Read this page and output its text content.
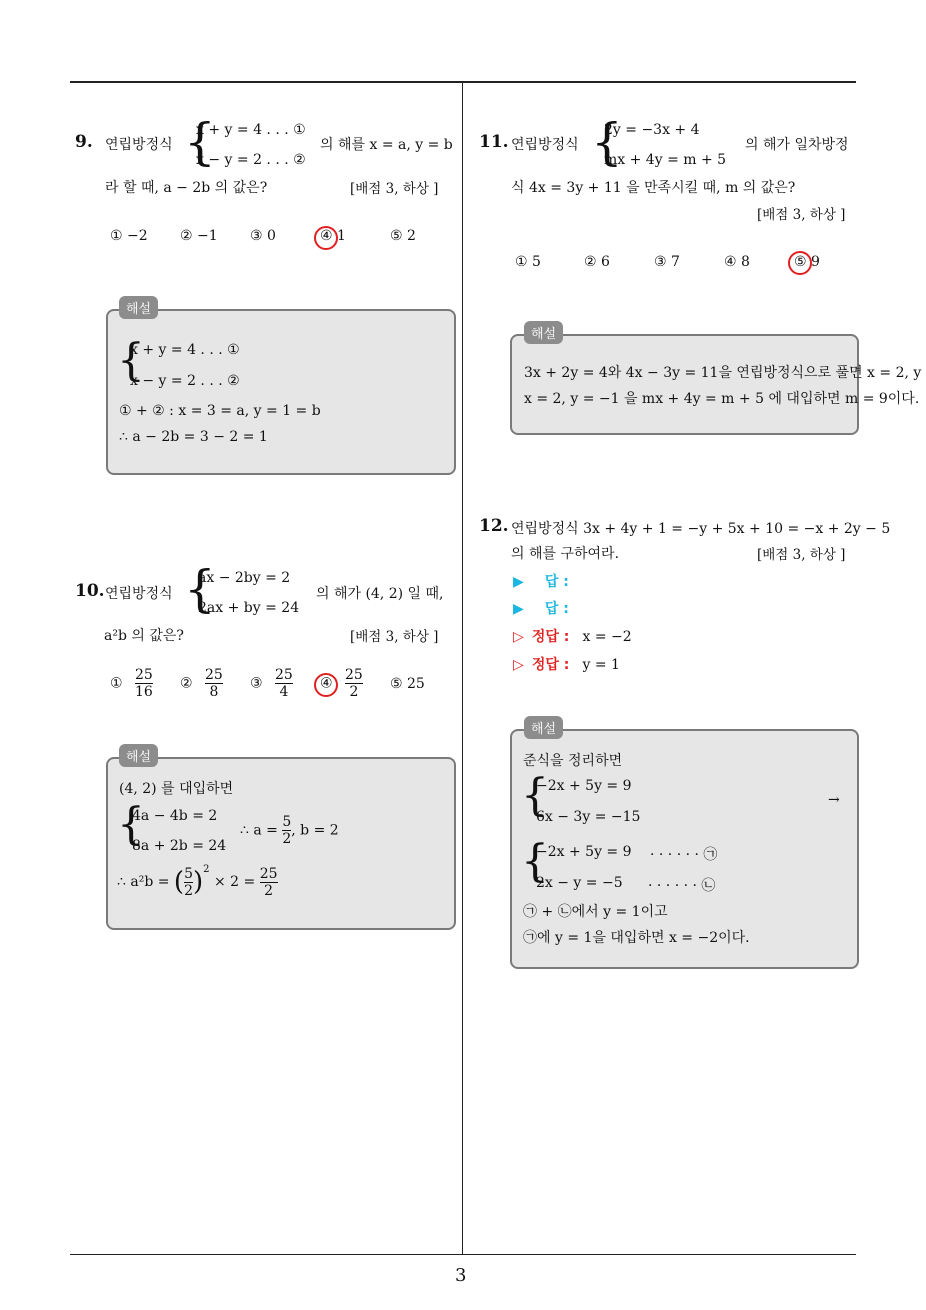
3
9. 연립방정식 {
x + y = 4 . . . ①
x − y = 2 . . . ②
의 해를 x = a, y = b
라 할 때, a − 2b 의 값은?	[배점 3, 하상 ]
① −2 ② −1 ③ 0	④ 1	⑤ 2
해설
{
x + y = 4 . . . ①
x − y = 2 . . . ②
① + ② : x = 3 = a, y = 1 = b
∴ a − 2b = 3 − 2 = 1
10. 연립방정식 {
ax − 2by = 2
2ax + by = 24
의 해가 (4, 2) 일 때,
a²b 의 값은?	[배점 3, 하상 ]
① $\frac{25}{16}$ ② $\frac{25}{8}$ ③ $\frac{25}{4}$ ④ $\frac{25}{2}$ ⑤ 25
해설
(4, 2) 를 대입하면
{
4a − 4b = 2
8a + 2b = 24
∴ $a = \frac{5}{2}$ , b = 2
∴ a²b = ( $\frac{5}{2} )^2 \times 2 = \frac{25}{2}$
11. 연립방정식 {
2y = −3x + 4
mx + 4y = m + 5
의 해가 일차방정
식 4x = 3y + 11 을 만족시킬 때, m 의 값은?
[배점 3, 하상 ]
① 5	② 6	③ 7	④ 8	⑤ 9
해설
3x + 2y = 4와 4x − 3y = 11을 연립방정식으로 풀면 x = 2, y
x = 2, y = −1 을 mx + 4y = m + 5 에 대입하면 m = 9이다.
12. 연립방정식 3x + 4y + 1 = −y + 5x + 10 = −x + 2y − 5
의 해를 구하여라.	[배점 3, 하상 ]
▶ 답 :
▶ 답 :
▷ 정답 : x = −2
▷ 정답 : y = 1
해설
준식을 정리하면
{
−2x + 5y = 9
6x − 3y = −15
→
{
−2x + 5y = 9 · · · · · · ㉠
2x − y = −5 · · · · · · ㉡
㉠ + ㉡에서 y = 1이고
㉠에 y = 1을 대입하면 x = −2이다.
